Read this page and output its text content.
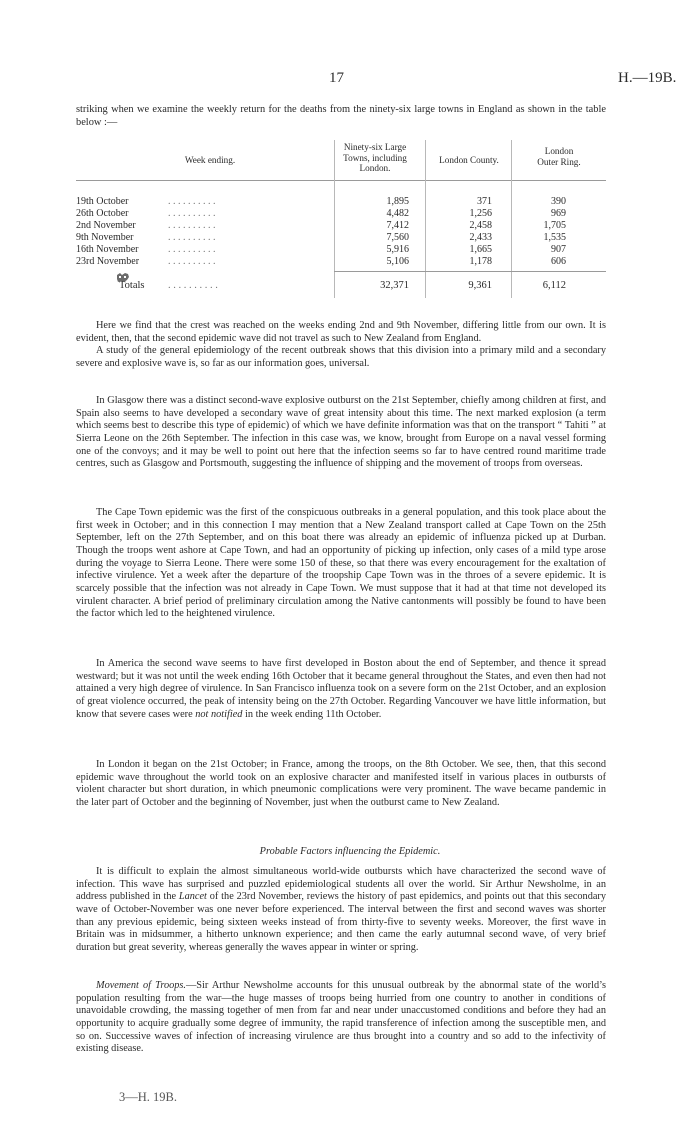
17	H.—19B.
striking when we examine the weekly return for the deaths from the ninety-six large towns in England as shown in the table below :—
Week ending.
Ninety-six Large
Towns, including
London.
London County.
London
Outer Ring.
19th October	. . . . . . . . . .	1,895	371	390
26th October	. . . . . . . . . .	4,482	1,256	969
2nd November	. . . . . . . . . .	7,412	2,458	1,705
9th November	. . . . . . . . . .	7,560	2,433	1,535
16th November	. . . . . . . . . .	5,916	1,665	907
23rd November	. . . . . . . . . .	5,106	1,178	606
Totals . . . . . . . . . .	32,371	9,361	6,112
Here we find that the crest was reached on the weeks ending 2nd and 9th November, differing little from our own. It is evident, then, that the second epidemic wave did not travel as such to New Zealand from England.
A study of the general epidemiology of the recent outbreak shows that this division into a primary mild and a secondary severe and explosive wave is, so far as our information goes, universal.
In Glasgow there was a distinct second-wave explosive outburst on the 21st September, chiefly among children at first, and Spain also seems to have developed a secondary wave of great intensity about this time. The next marked explosion (a term which seems best to describe this type of epidemic) of which we have definite information was that on the transport “ Tahiti ” at Sierra Leone on the 26th September. The infection in this case was, we know, brought from Europe on a naval vessel forming one of the convoys; and it may be well to point out here that the infection seems so far to have centred round maritime trade centres, such as Glasgow and Portsmouth, suggesting the influence of shipping and the movement of troops from overseas.
The Cape Town epidemic was the first of the conspicuous outbreaks in a general population, and this took place about the first week in October; and in this connection I may mention that a New Zealand transport called at Cape Town on the 25th September, left on the 27th September, and on this boat there was already an epidemic of influenza picked up at Durban. Though the troops went ashore at Cape Town, and had an opportunity of picking up infection, only cases of a mild type arose during the voyage to Sierra Leone. There were some 150 of these, so that there was every encouragement for the exaltation of infective virulence. Yet a week after the departure of the troopship Cape Town was in the throes of a severe epidemic. It is scarcely possible that the infection was not already in Cape Town. We must suppose that it had at that time not developed its virulent character. A brief period of preliminary circulation among the Native cantonments will possibly be found to have been the factor which led to the heightened virulence.
In America the second wave seems to have first developed in Boston about the end of September, and thence it spread westward; but it was not until the week ending 16th October that it became general throughout the States, and even then had not attained a very high degree of virulence. In San Francisco influenza took on a severe form on the 21st October, and an explosion of great violence occurred, the peak of intensity being on the 27th October. Regarding Vancouver we have little information, but know that severe cases were not notified in the week ending 11th October.
In London it began on the 21st October; in France, among the troops, on the 8th October. We see, then, that this second epidemic wave throughout the world took on an explosive character and manifested itself in various places in outbursts of violent character but short duration, in which pneumonic complications were very prominent. The wave became pandemic in the later part of October and the beginning of November, just when the outburst came to New Zealand.
Probable Factors influencing the Epidemic.
It is difficult to explain the almost simultaneous world-wide outbursts which have characterized the second wave of infection. This wave has surprised and puzzled epidemiological students all over the world. Sir Arthur Newsholme, in an address published in the Lancet of the 23rd November, reviews the history of past epidemics, and points out that this secondary wave of October-November was one never before experienced. The interval between the first and second waves was shorter than any previous epidemic, being sixteen weeks instead of from thirty-five to seventy weeks. Moreover, the first wave in Britain was in midsummer, a hitherto unknown experience; and then came the early autumnal second wave, of very brief duration but great severity, whereas generally the waves appear in winter or spring.
Movement of Troops.—Sir Arthur Newsholme accounts for this unusual outbreak by the abnormal state of the world’s population resulting from the war—the huge masses of troops being hurried from one country to another in conditions of unavoidable crowding, the massing together of men from far and near under unaccustomed conditions and before they had an opportunity to acquire gradually some degree of immunity, the rapid transference of infection among the susceptible men, and so on. Successive waves of infection of increasing virulence are thus brought into a country and so add to the infectivity of existing disease.
3—H. 19B.
